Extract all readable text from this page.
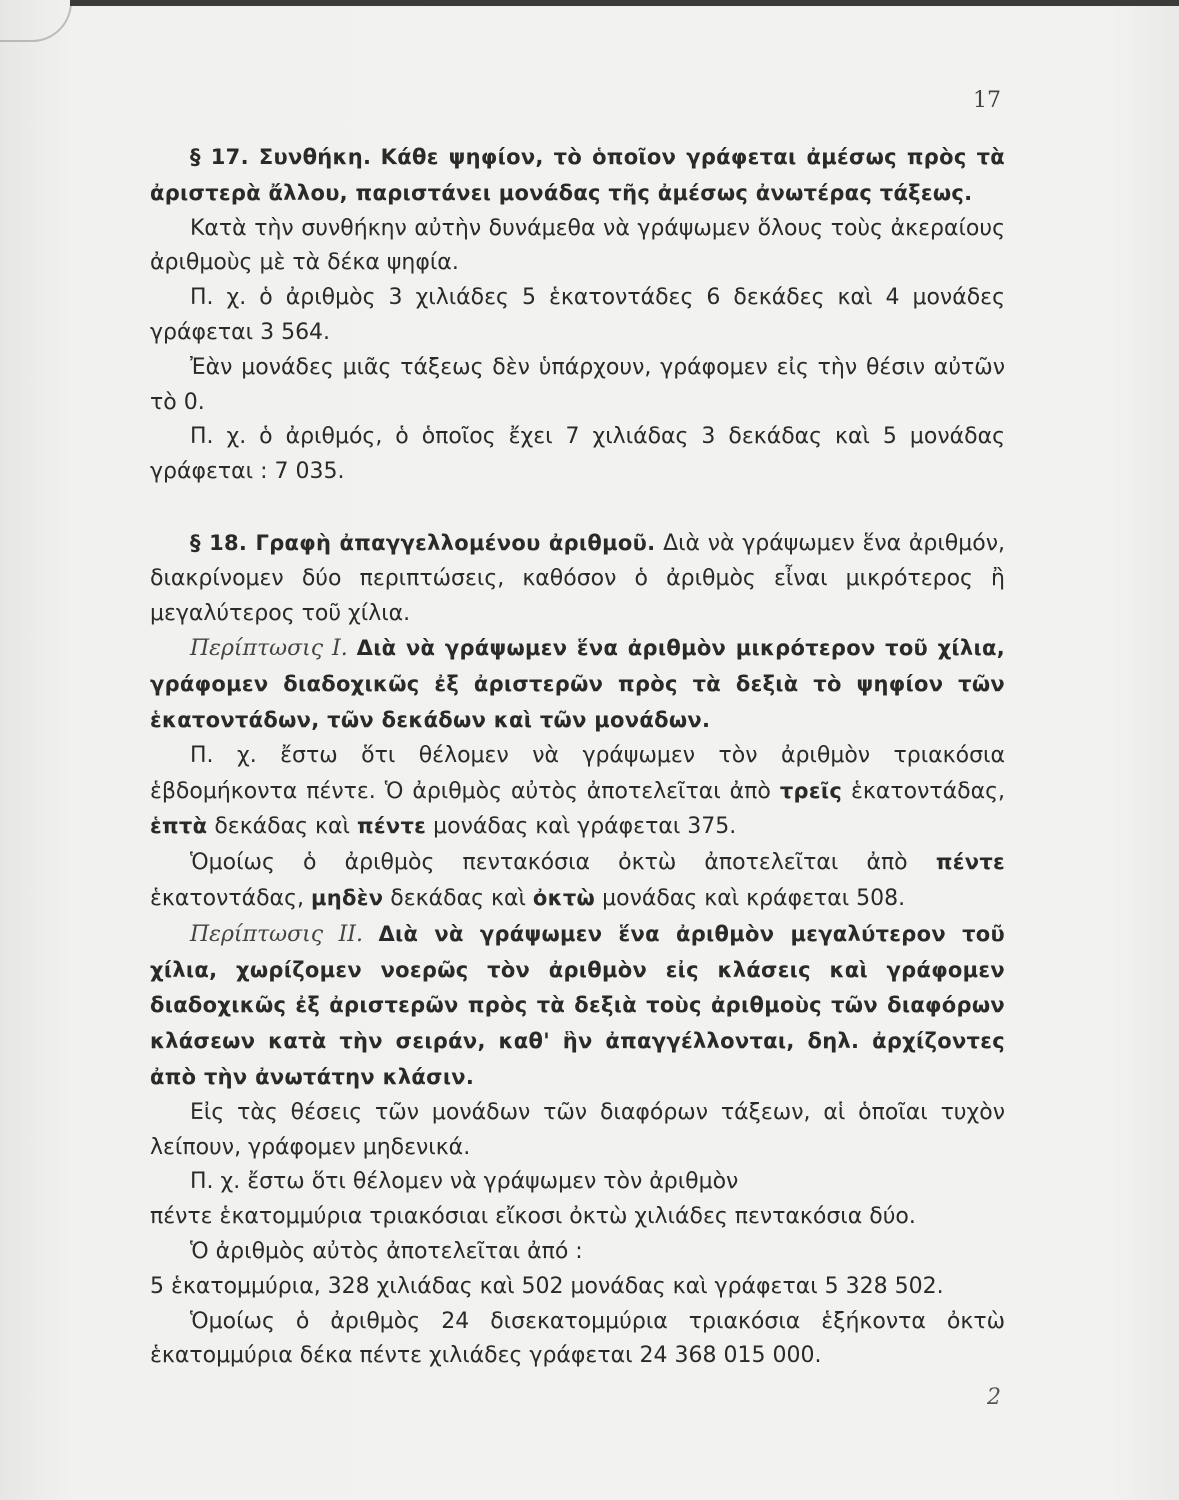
17

§ 17. Συνθήκη. Κάθε ψηφίον, τὸ ὁποῖον γράφεται ἀμέσως πρὸς τὰ ἀριστερὰ ἄλλου, παριστάνει μονάδας τῆς ἀμέσως ἀνωτέρας τάξεως.

Κατὰ τὴν συνθήκην αὐτὴν δυνάμεθα νὰ γράψωμεν ὅλους τοὺς ἀκεραίους ἀριθμοὺς μὲ τὰ δέκα ψηφία.

Π. χ. ὁ ἀριθμὸς 3 χιλιάδες 5 ἑκατοντάδες 6 δεκάδες καὶ 4 μονάδες γράφεται 3 564.

Ἐὰν μονάδες μιᾶς τάξεως δὲν ὑπάρχουν, γράφομεν εἰς τὴν θέσιν αὐτῶν τὸ 0.

Π. χ. ὁ ἀριθμός, ὁ ὁποῖος ἔχει 7 χιλιάδας 3 δεκάδας καὶ 5 μονάδας γράφεται : 7 035.

§ 18. Γραφὴ ἀπαγγελλομένου ἀριθμοῦ. Διὰ νὰ γράψωμεν ἕνα ἀριθμόν, διακρίνομεν δύο περιπτώσεις, καθόσον ὁ ἀριθμὸς εἶναι μικρότερος ἢ μεγαλύτερος τοῦ χίλια.

Περίπτωσις Ι. Διὰ νὰ γράψωμεν ἕνα ἀριθμὸν μικρότερον τοῦ χίλια, γράφομεν διαδοχικῶς ἐξ ἀριστερῶν πρὸς τὰ δεξιὰ τὸ ψηφίον τῶν ἑκατοντάδων, τῶν δεκάδων καὶ τῶν μονάδων.

Π. χ. ἔστω ὅτι θέλομεν νὰ γράψωμεν τὸν ἀριθμὸν τριακόσια ἑβδομήκοντα πέντε. Ὁ ἀριθμὸς αὐτὸς ἀποτελεῖται ἀπὸ τρεῖς ἑκατοντάδας, ἑπτὰ δεκάδας καὶ πέντε μονάδας καὶ γράφεται 375.

Ὁμοίως ὁ ἀριθμὸς πεντακόσια ὀκτὼ ἀποτελεῖται ἀπὸ πέντε ἑκατοντάδας, μηδὲν δεκάδας καὶ ὀκτὼ μονάδας καὶ κράφεται 508.

Περίπτωσις ΙΙ. Διὰ νὰ γράψωμεν ἕνα ἀριθμὸν μεγαλύτερον τοῦ χίλια, χωρίζομεν νοερῶς τὸν ἀριθμὸν εἰς κλάσεις καὶ γράφομεν διαδοχικῶς ἐξ ἀριστερῶν πρὸς τὰ δεξιὰ τοὺς ἀριθμοὺς τῶν διαφόρων κλάσεων κατὰ τὴν σειράν, καθ' ἣν ἀπαγγέλλονται, δηλ. ἀρχίζοντες ἀπὸ τὴν ἀνωτάτην κλάσιν.

Εἰς τὰς θέσεις τῶν μονάδων τῶν διαφόρων τάξεων, αἱ ὁποῖαι τυχὸν λείπουν, γράφομεν μηδενικά.

Π. χ. ἔστω ὅτι θέλομεν νὰ γράψωμεν τὸν ἀριθμὸν

πέντε ἑκατομμύρια τριακόσιαι εἴκοσι ὀκτὼ χιλιάδες πεντακόσια δύο.

Ὁ ἀριθμὸς αὐτὸς ἀποτελεῖται ἀπό :

5 ἑκατομμύρια, 328 χιλιάδας καὶ 502 μονάδας καὶ γράφεται 5 328 502.

Ὁμοίως ὁ ἀριθμὸς 24 δισεκατομμύρια τριακόσια ἑξήκοντα ὀκτὼ ἑκατομμύρια δέκα πέντε χιλιάδες γράφεται 24 368 015 000.

2
